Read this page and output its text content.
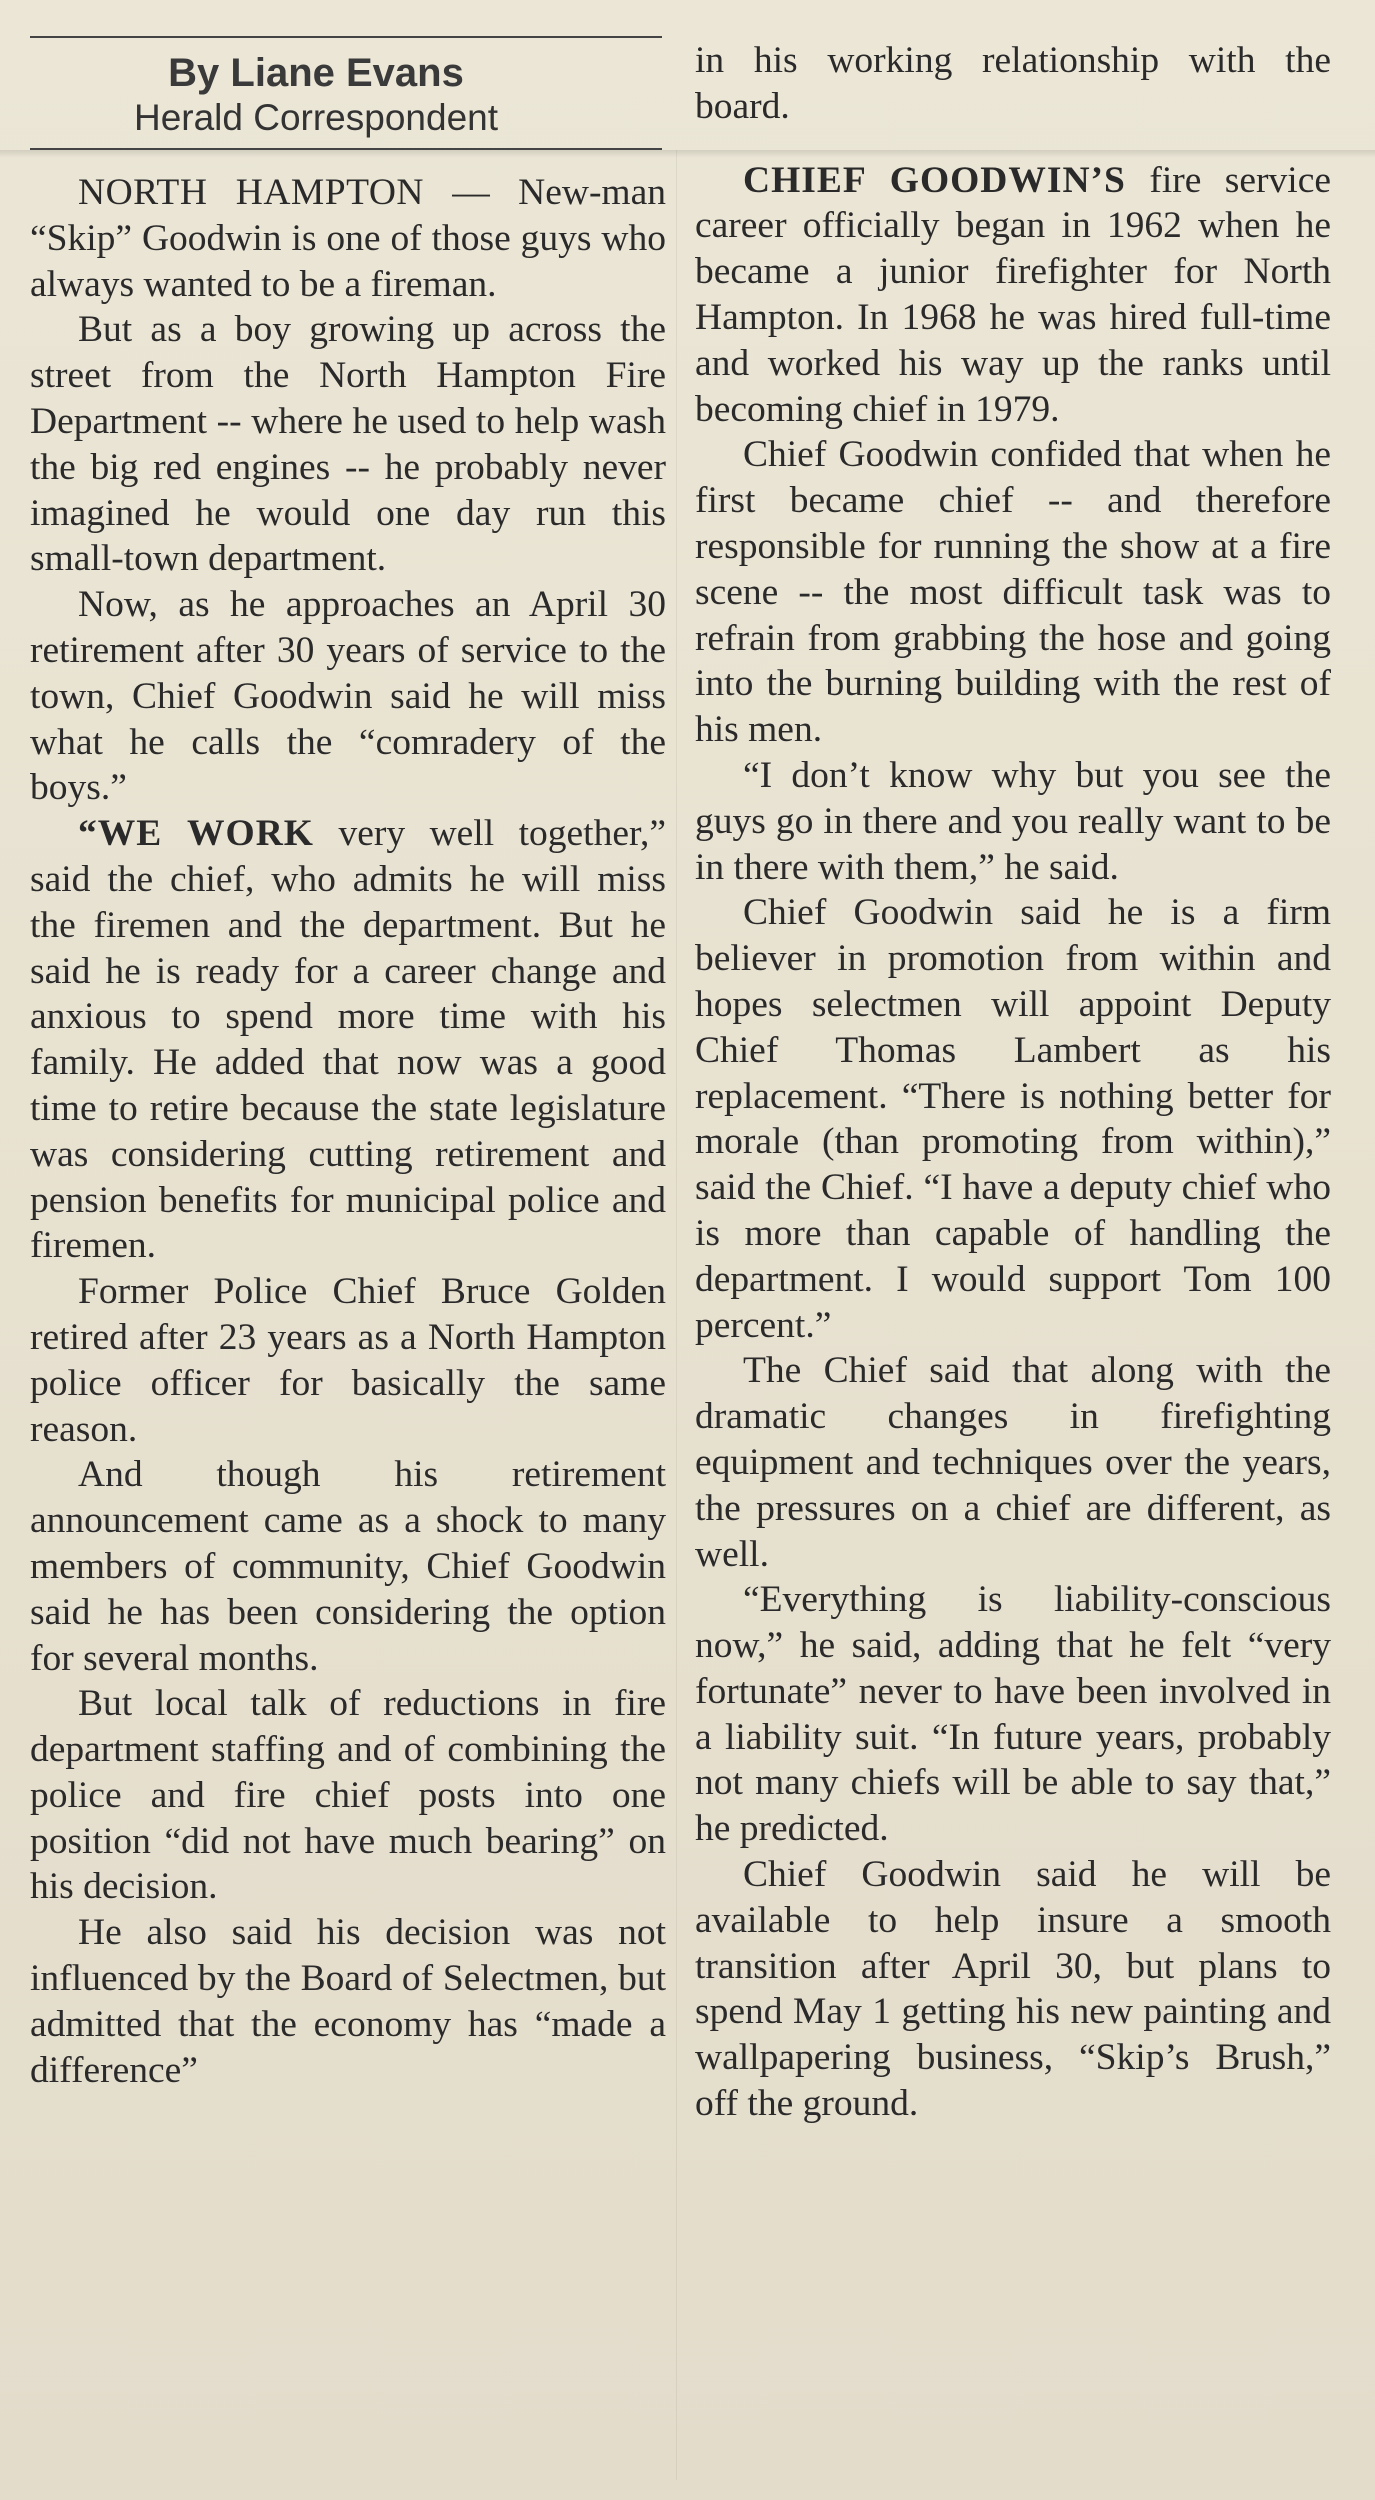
By Liane Evans
Herald Correspondent

NORTH HAMPTON — New-man “Skip” Goodwin is one of those guys who always wanted to be a fireman.

But as a boy growing up across the street from the North Hampton Fire Department -- where he used to help wash the big red engines -- he probably never imagined he would one day run this small-town department.

Now, as he approaches an April 30 retirement after 30 years of service to the town, Chief Goodwin said he will miss what he calls the “comradery of the boys.”

“WE WORK very well together,” said the chief, who admits he will miss the firemen and the department. But he said he is ready for a career change and anxious to spend more time with his family. He added that now was a good time to retire because the state legislature was considering cutting retirement and pension benefits for municipal police and firemen.

Former Police Chief Bruce Golden retired after 23 years as a North Hampton police officer for basically the same reason.

And though his retirement announcement came as a shock to many members of community, Chief Goodwin said he has been considering the option for several months.

But local talk of reductions in fire department staffing and of combining the police and fire chief posts into one position “did not have much bearing” on his decision.

He also said his decision was not influenced by the Board of Selectmen, but admitted that the economy has “made a difference”

in his working relationship with the board.

CHIEF GOODWIN’S fire service career officially began in 1962 when he became a junior firefighter for North Hampton. In 1968 he was hired full-time and worked his way up the ranks until becoming chief in 1979.

Chief Goodwin confided that when he first became chief -- and therefore responsible for running the show at a fire scene -- the most difficult task was to refrain from grabbing the hose and going into the burning building with the rest of his men.

“I don’t know why but you see the guys go in there and you really want to be in there with them,” he said.

Chief Goodwin said he is a firm believer in promotion from within and hopes selectmen will appoint Deputy Chief Thomas Lambert as his replacement. “There is nothing better for morale (than promoting from within),” said the Chief. “I have a deputy chief who is more than capable of handling the department. I would support Tom 100 percent.”

The Chief said that along with the dramatic changes in firefighting equipment and techniques over the years, the pressures on a chief are different, as well.

“Everything is liability-conscious now,” he said, adding that he felt “very fortunate” never to have been involved in a liability suit. “In future years, probably not many chiefs will be able to say that,” he predicted.

Chief Goodwin said he will be available to help insure a smooth transition after April 30, but plans to spend May 1 getting his new painting and wallpapering business, “Skip’s Brush,” off the ground.
